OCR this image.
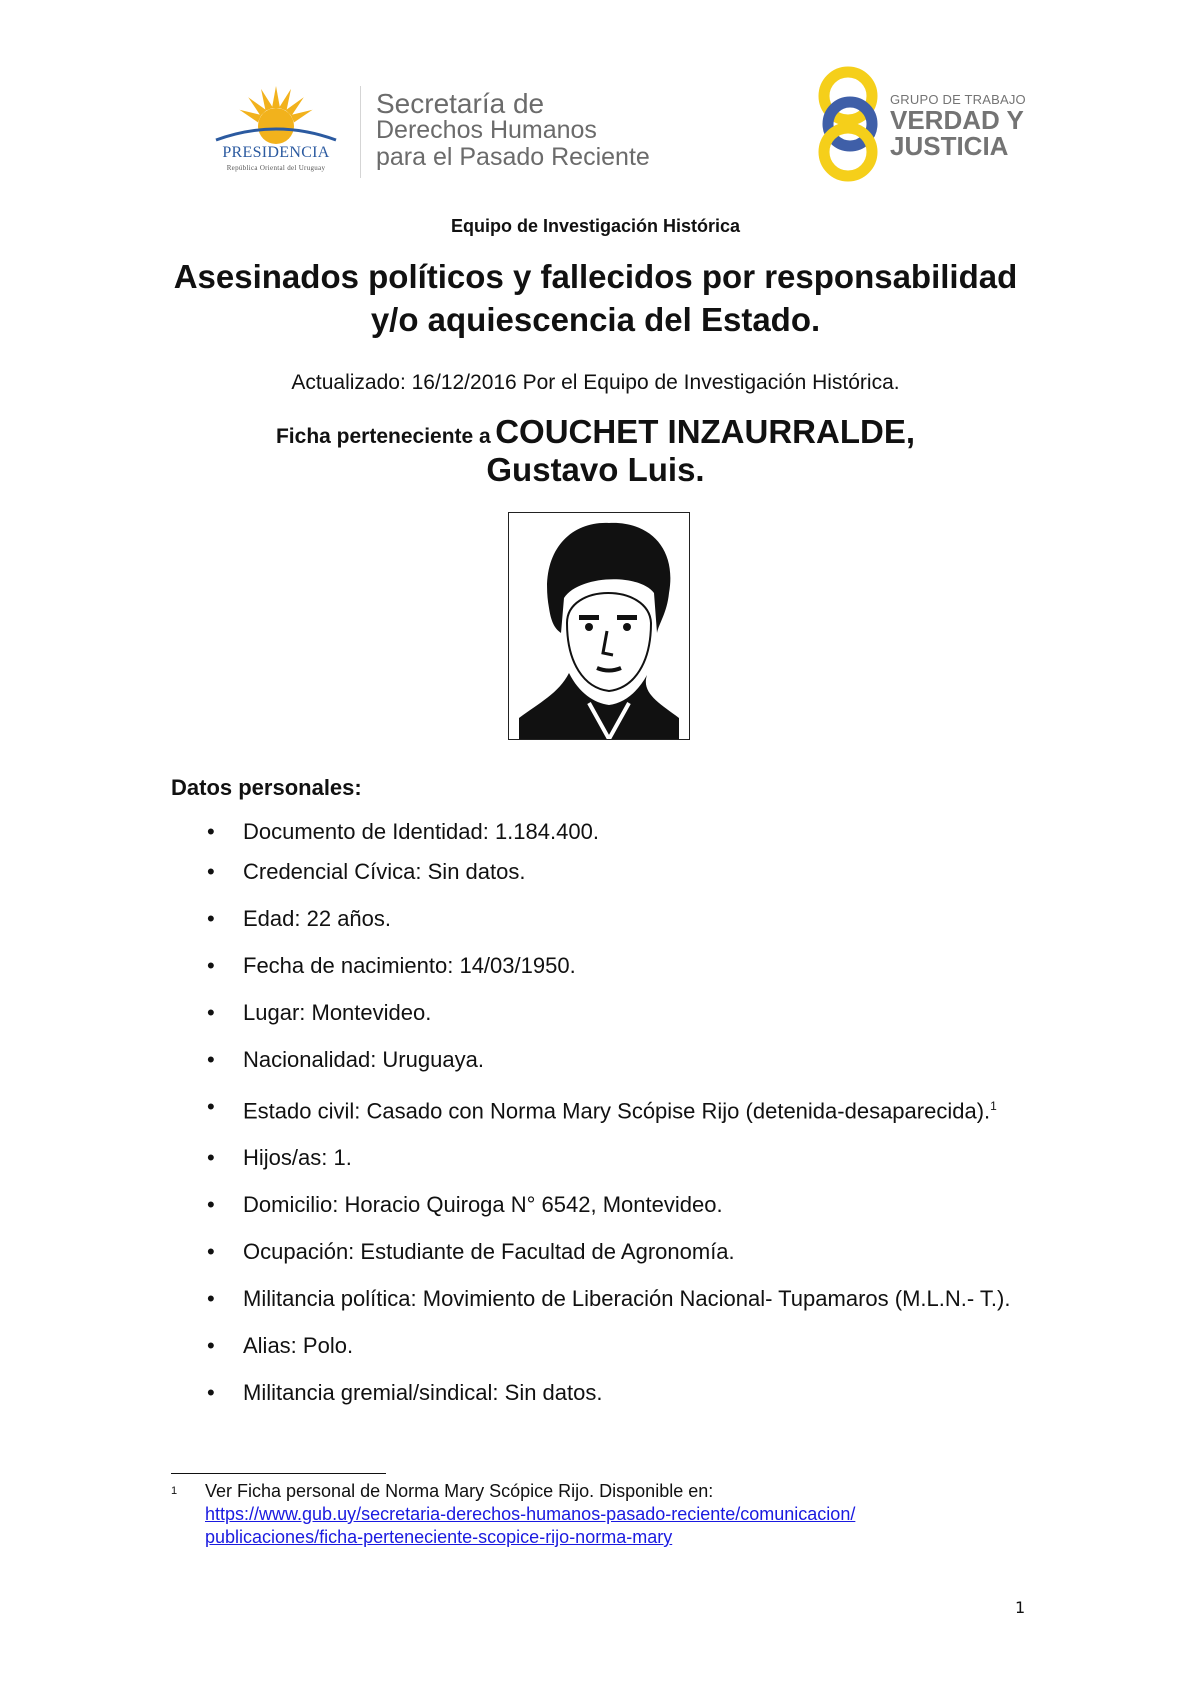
PRESIDENCIA
República Oriental del Uruguay
Secretaría de
Derechos Humanos
para el Pasado Reciente
GRUPO DE TRABAJO
VERDAD Y
JUSTICIA
Equipo de Investigación Histórica
Asesinados políticos y fallecidos por responsabilidad y/o aquiescencia del Estado.
Actualizado: 16/12/2016 Por el Equipo de Investigación Histórica.
Ficha perteneciente a COUCHET INZAURRALDE,
Gustavo Luis.
Datos personales:
• Documento de Identidad: 1.184.400.
• Credencial Cívica: Sin datos.
• Edad: 22 años.
• Fecha de nacimiento: 14/03/1950.
• Lugar: Montevideo.
• Nacionalidad: Uruguaya.
• Estado civil: Casado con Norma Mary Scópise Rijo (detenida-desaparecida).$^1$
• Hijos/as: 1.
• Domicilio: Horacio Quiroga N° 6542, Montevideo.
• Ocupación: Estudiante de Facultad de Agronomía.
• Militancia política: Movimiento de Liberación Nacional- Tupamaros (M.L.N.- T.).
• Alias: Polo.
• Militancia gremial/sindical: Sin datos.
1 Ver Ficha personal de Norma Mary Scópice Rijo. Disponible en:
https://www.gub.uy/secretaria-derechos-humanos-pasado-reciente/comunicacion/
publicaciones/ficha-perteneciente-scopice-rijo-norma-mary
1
